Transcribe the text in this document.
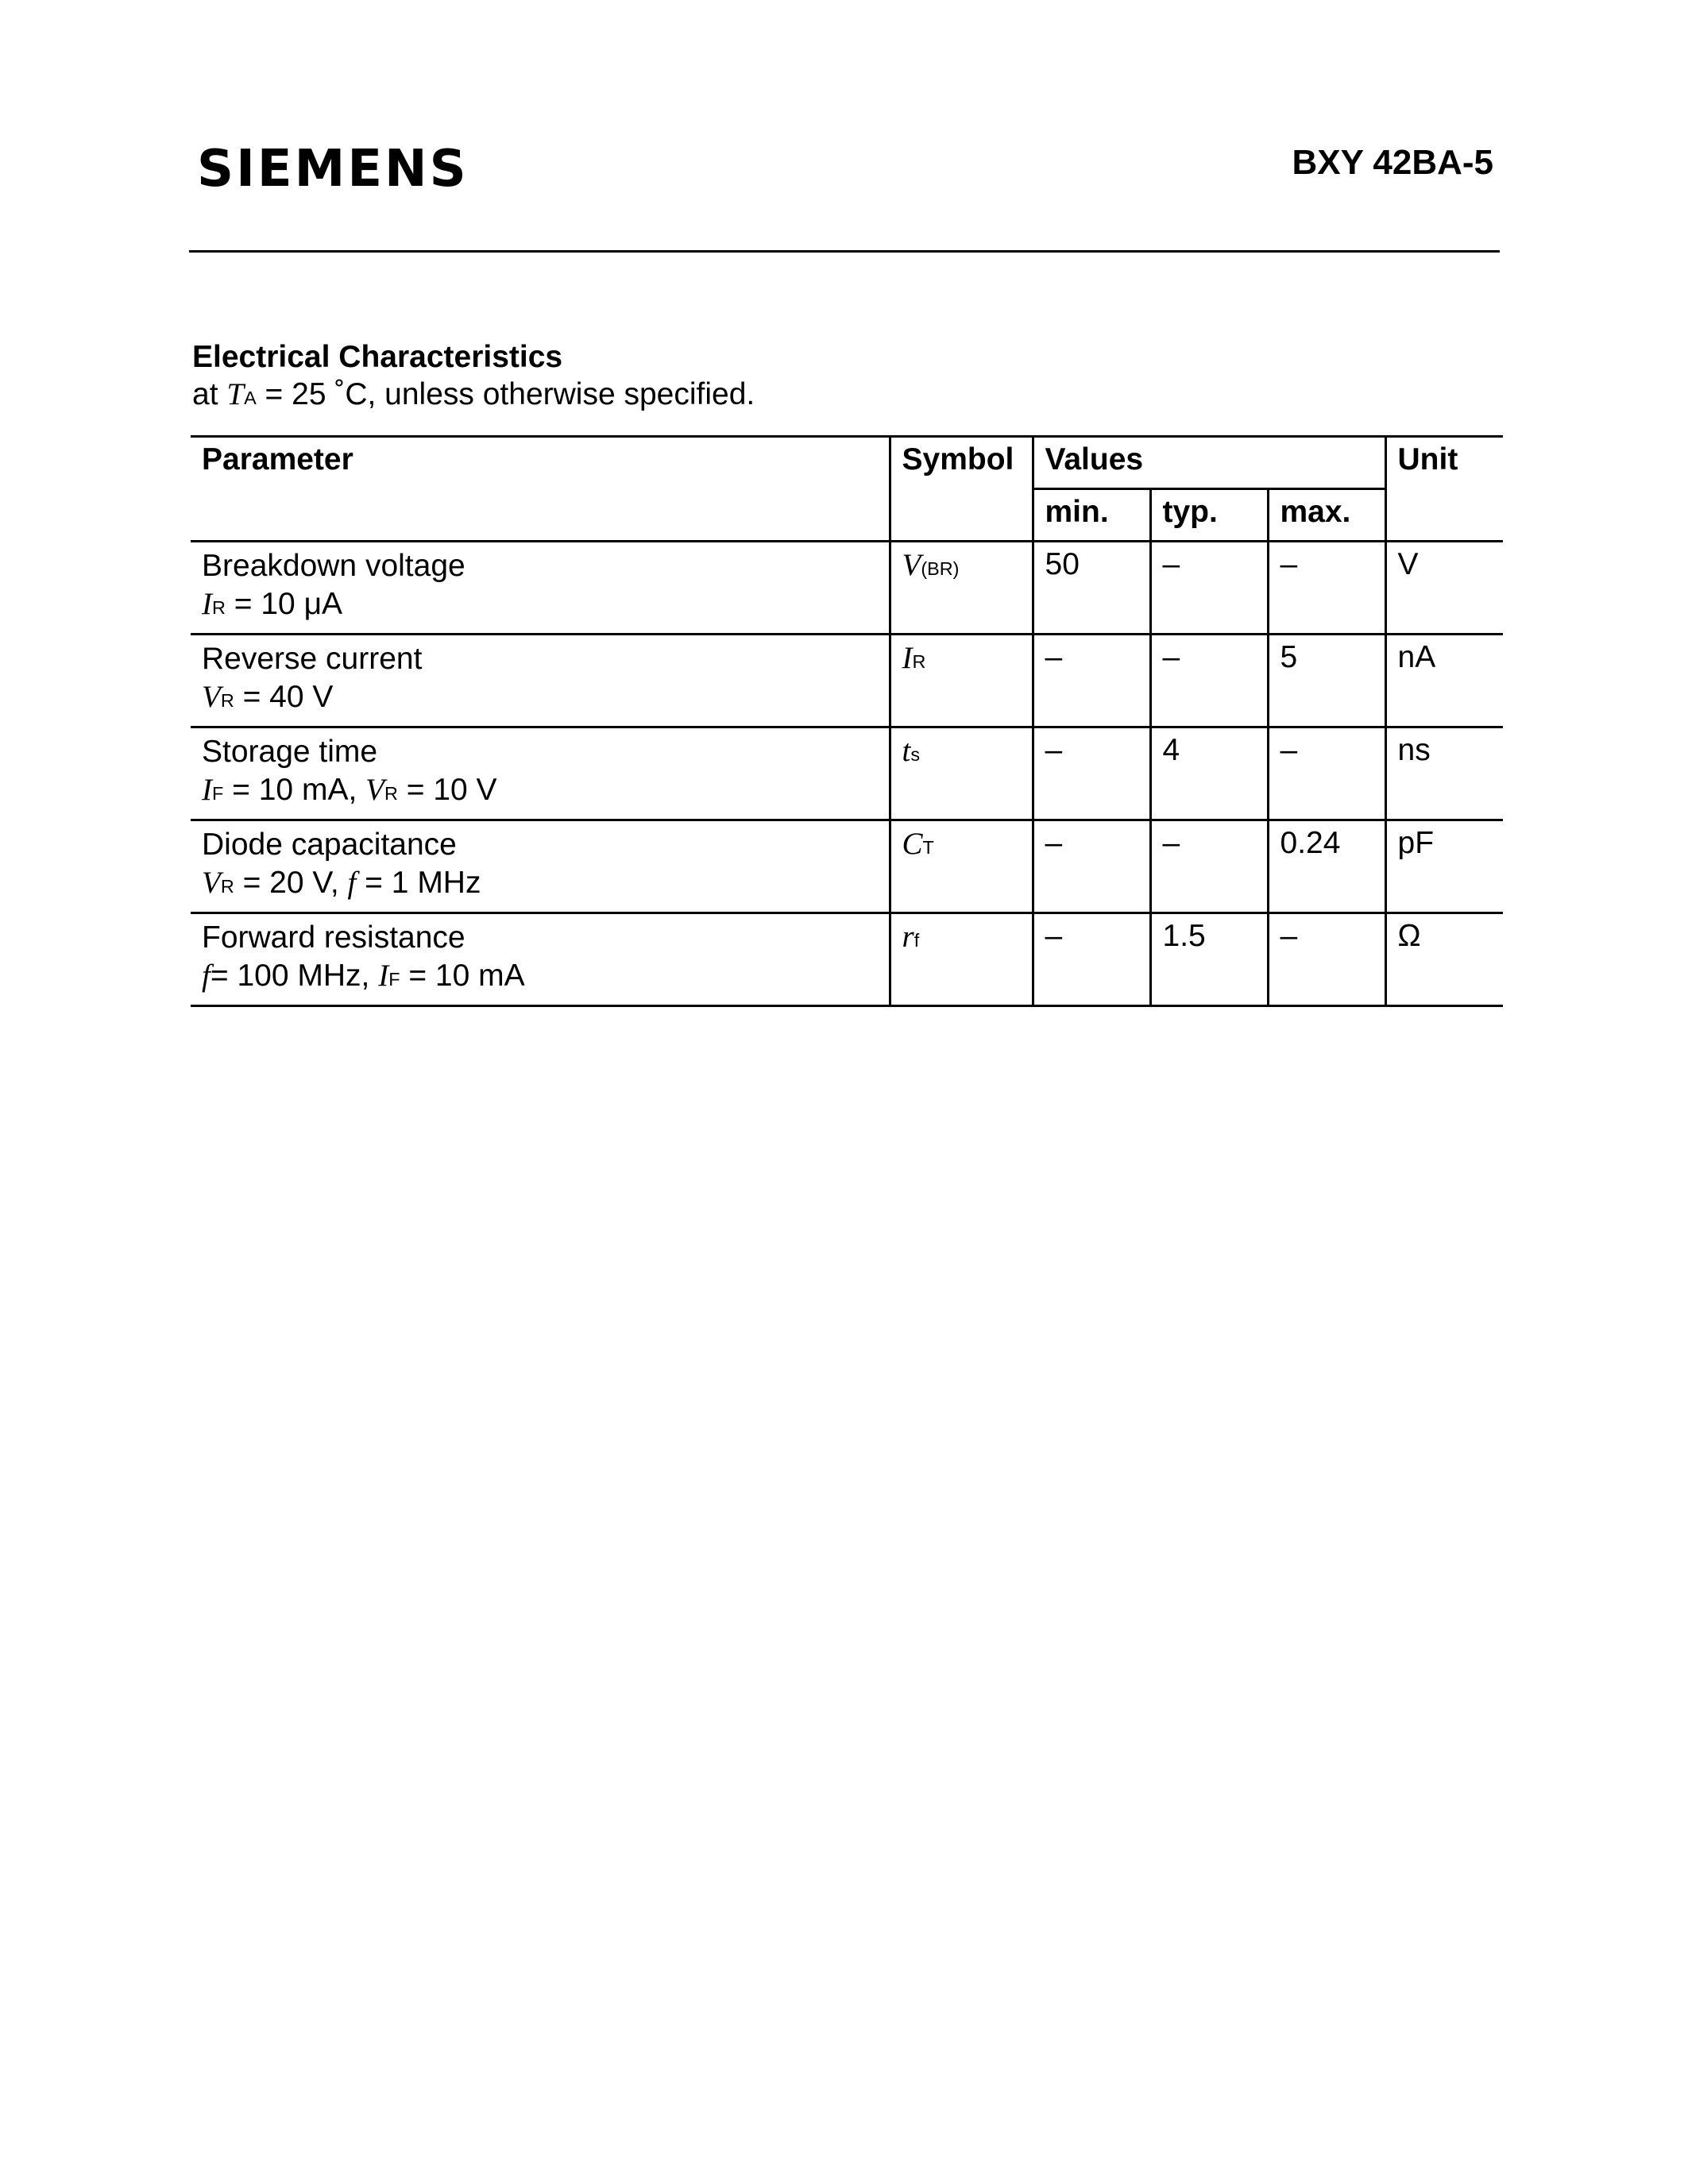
SIEMENS	BXY 42BA-5
Electrical Characteristics
at TA = 25 ˚C, unless otherwise specified.
Parameter	Symbol	Values			Unit
		min.	typ.	max.	

Breakdown voltage
IR = 10 μA	V(BR)	50	–	–	V

Reverse current
VR = 40 V	IR	–	–	5	nA

Storage time
IF = 10 mA, VR = 10 V	ts	–	4	–	ns

Diode capacitance
VR = 20 V, f = 1 MHz	CT	–	–	0.24	pF

Forward resistance
f= 100 MHz, IF = 10 mA	rf	–	1.5	–	Ω
